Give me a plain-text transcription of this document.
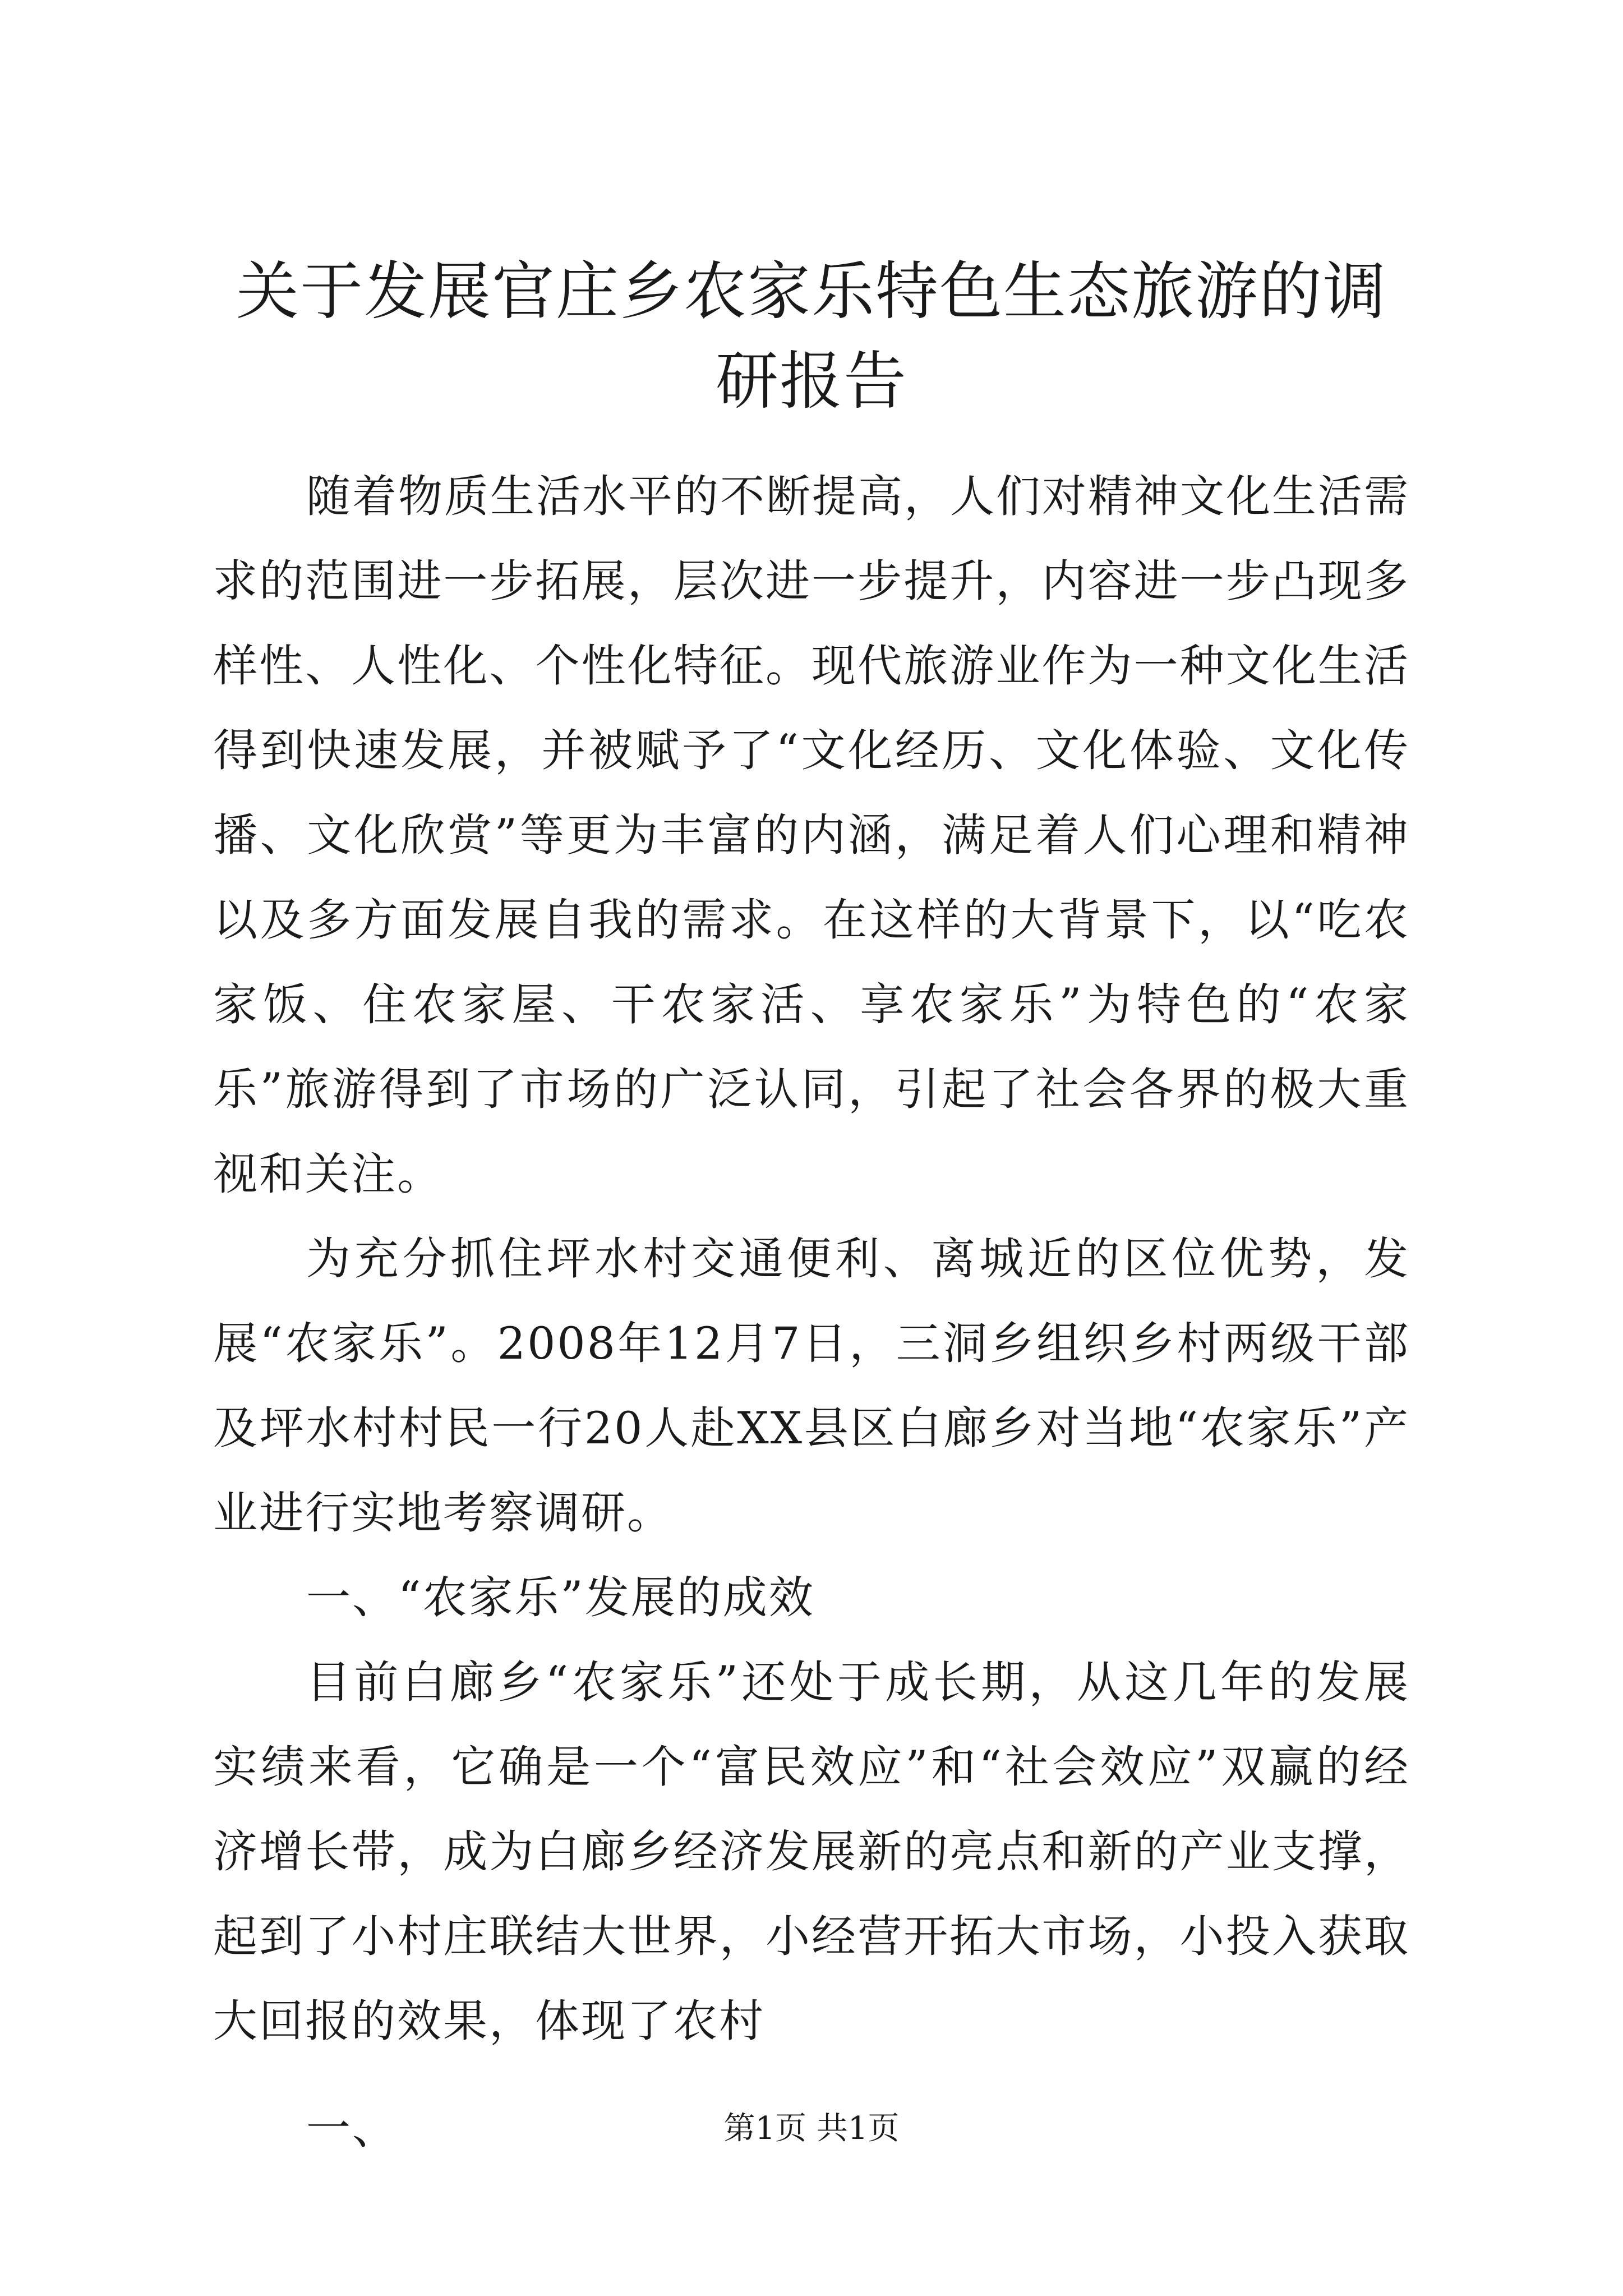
关于发展官庄乡农家乐特色生态旅游的调研报告

随着物质生活水平的不断提高，人们对精神文化生活需求的范围进一步拓展，层次进一步提升，内容进一步凸现多样性、人性化、个性化特征。现代旅游业作为一种文化生活得到快速发展，并被赋予了“文化经历、文化体验、文化传播、文化欣赏”等更为丰富的内涵，满足着人们心理和精神以及多方面发展自我的需求。在这样的大背景下，以“吃农家饭、住农家屋、干农家活、享农家乐”为特色的“农家乐”旅游得到了市场的广泛认同，引起了社会各界的极大重视和关注。

为充分抓住坪水村交通便利、离城近的区位优势，发展“农家乐”。2008年12月7日，三洞乡组织乡村两级干部及坪水村村民一行20人赴XX县区白廊乡对当地“农家乐”产业进行实地考察调研。

一、“农家乐”发展的成效

目前白廊乡“农家乐”还处于成长期，从这几年的发展实绩来看，它确是一个“富民效应”和“社会效应”双赢的经济增长带，成为白廊乡经济发展新的亮点和新的产业支撑，起到了小村庄联结大世界，小经营开拓大市场，小投入获取大回报的效果，体现了农村

一、	第1页 共1页
